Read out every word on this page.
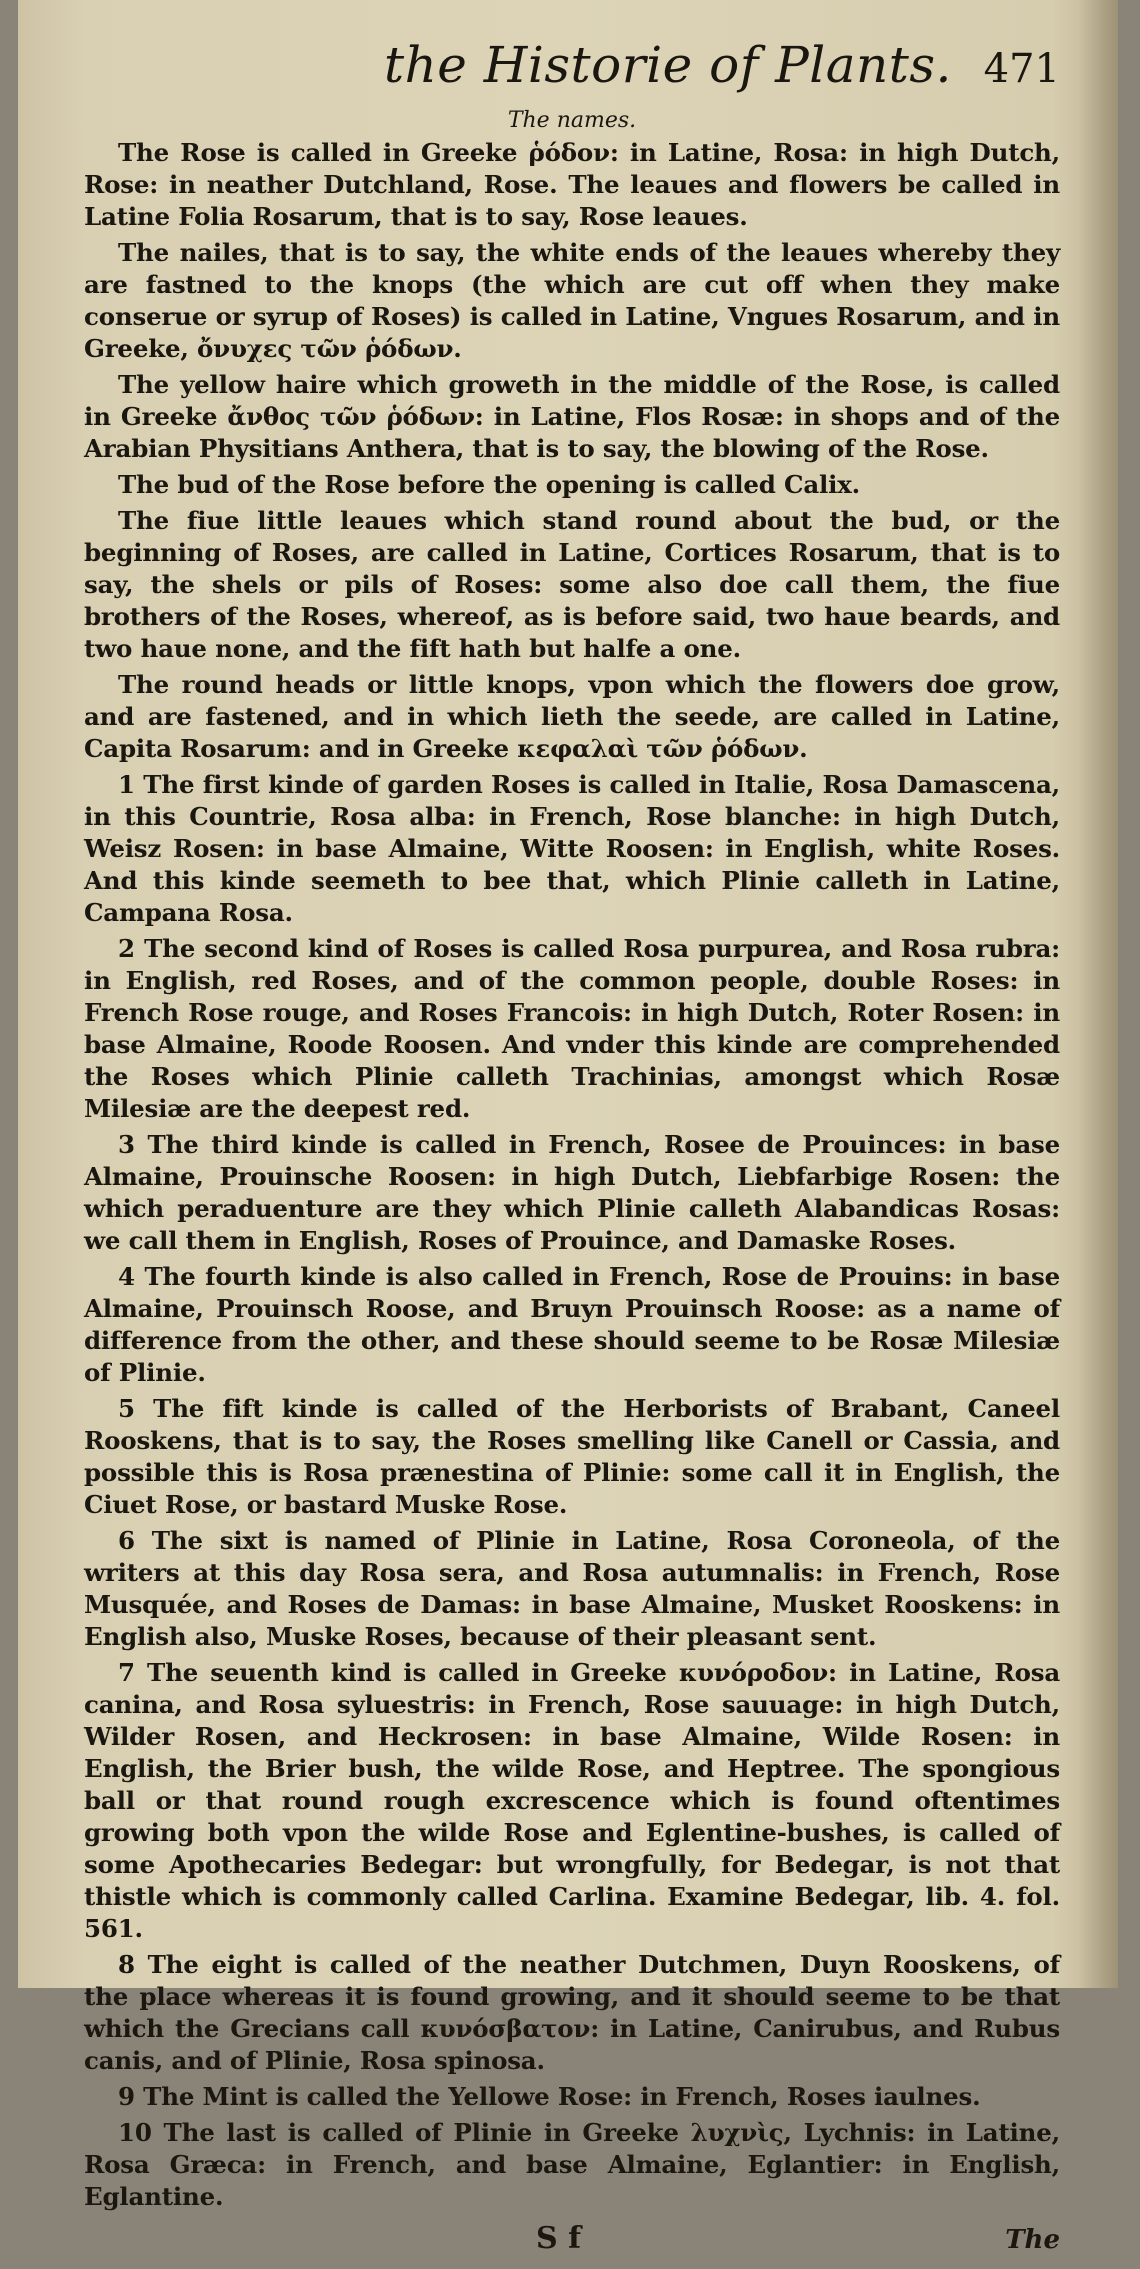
the Historie of Plants. 471
The names.

The Rose is called in Greeke ῥόδον: in Latine, Rosa: in high Dutch, Rose: in neather Dutchland, Rose. The leaues and flowers be called in Latine Folia Rosarum, that is to say, Rose leaues.

The nailes, that is to say, the white ends of the leaues whereby they are fastned to the knops (the which are cut off when they make conserue or syrup of Roses) is called in Latine, Vngues Rosarum, and in Greeke, ὄνυχες τῶν ῥόδων.

The yellow haire which groweth in the middle of the Rose, is called in Greeke ἄνθος τῶν ῥόδων: in Latine, Flos Rosæ: in shops and of the Arabian Physitians Anthera, that is to say, the blowing of the Rose.

The bud of the Rose before the opening is called Calix.

The fiue little leaues which stand round about the bud, or the beginning of Roses, are called in Latine, Cortices Rosarum, that is to say, the shels or pils of Roses: some also doe call them, the fiue brothers of the Roses, whereof, as is before said, two haue beards, and two haue none, and the fift hath but halfe a one.

The round heads or little knops, vpon which the flowers doe grow, and are fastened, and in which lieth the seede, are called in Latine, Capita Rosarum: and in Greeke κεφαλαὶ τῶν ῥόδων.

1 The first kinde of garden Roses is called in Italie, Rosa Damascena, in this Countrie, Rosa alba: in French, Rose blanche: in high Dutch, Weisz Rosen: in base Almaine, Witte Roosen: in English, white Roses. And this kinde seemeth to bee that, which Plinie calleth in Latine, Campana Rosa.

2 The second kind of Roses is called Rosa purpurea, and Rosa rubra: in English, red Roses, and of the common people, double Roses: in French Rose rouge, and Roses Francois: in high Dutch, Roter Rosen: in base Almaine, Roode Roosen. And vnder this kinde are comprehended the Roses which Plinie calleth Trachinias, amongst which Rosæ Milesiæ are the deepest red.

3 The third kinde is called in French, Rosee de Prouinces: in base Almaine, Prouinsche Roosen: in high Dutch, Liebfarbige Rosen: the which peraduenture are they which Plinie calleth Alabandicas Rosas: we call them in English, Roses of Prouince, and Damaske Roses.

4 The fourth kinde is also called in French, Rose de Prouins: in base Almaine, Prouinsch Roose, and Bruyn Prouinsch Roose: as a name of difference from the other, and these should seeme to be Rosæ Milesiæ of Plinie.

5 The fift kinde is called of the Herborists of Brabant, Caneel Rooskens, that is to say, the Roses smelling like Canell or Cassia, and possible this is Rosa prænestina of Plinie: some call it in English, the Ciuet Rose, or bastard Muske Rose.

6 The sixt is named of Plinie in Latine, Rosa Coroneola, of the writers at this day Rosa sera, and Rosa autumnalis: in French, Rose Musquée, and Roses de Damas: in base Almaine, Musket Rooskens: in English also, Muske Roses, because of their pleasant sent.

7 The seuenth kind is called in Greeke κυνόροδον: in Latine, Rosa canina, and Rosa syluestris: in French, Rose sauuage: in high Dutch, Wilder Rosen, and Heckrosen: in base Almaine, Wilde Rosen: in English, the Brier bush, the wilde Rose, and Heptree. The spongious ball or that round rough excrescence which is found oftentimes growing both vpon the wilde Rose and Eglentine-bushes, is called of some Apothecaries Bedegar: but wrongfully, for Bedegar, is not that thistle which is commonly called Carlina. Examine Bedegar, lib. 4. fol. 561.

8 The eight is called of the neather Dutchmen, Duyn Rooskens, of the place whereas it is found growing, and it should seeme to be that which the Grecians call κυνόσβατον: in Latine, Canirubus, and Rubus canis, and of Plinie, Rosa spinosa.

9 The Mint is called the Yellowe Rose: in French, Roses iaulnes.

10 The last is called of Plinie in Greeke λυχνὶς, Lychnis: in Latine, Rosa Græca: in French, and base Almaine, Eglantier: in English, Eglantine.

S f	The
